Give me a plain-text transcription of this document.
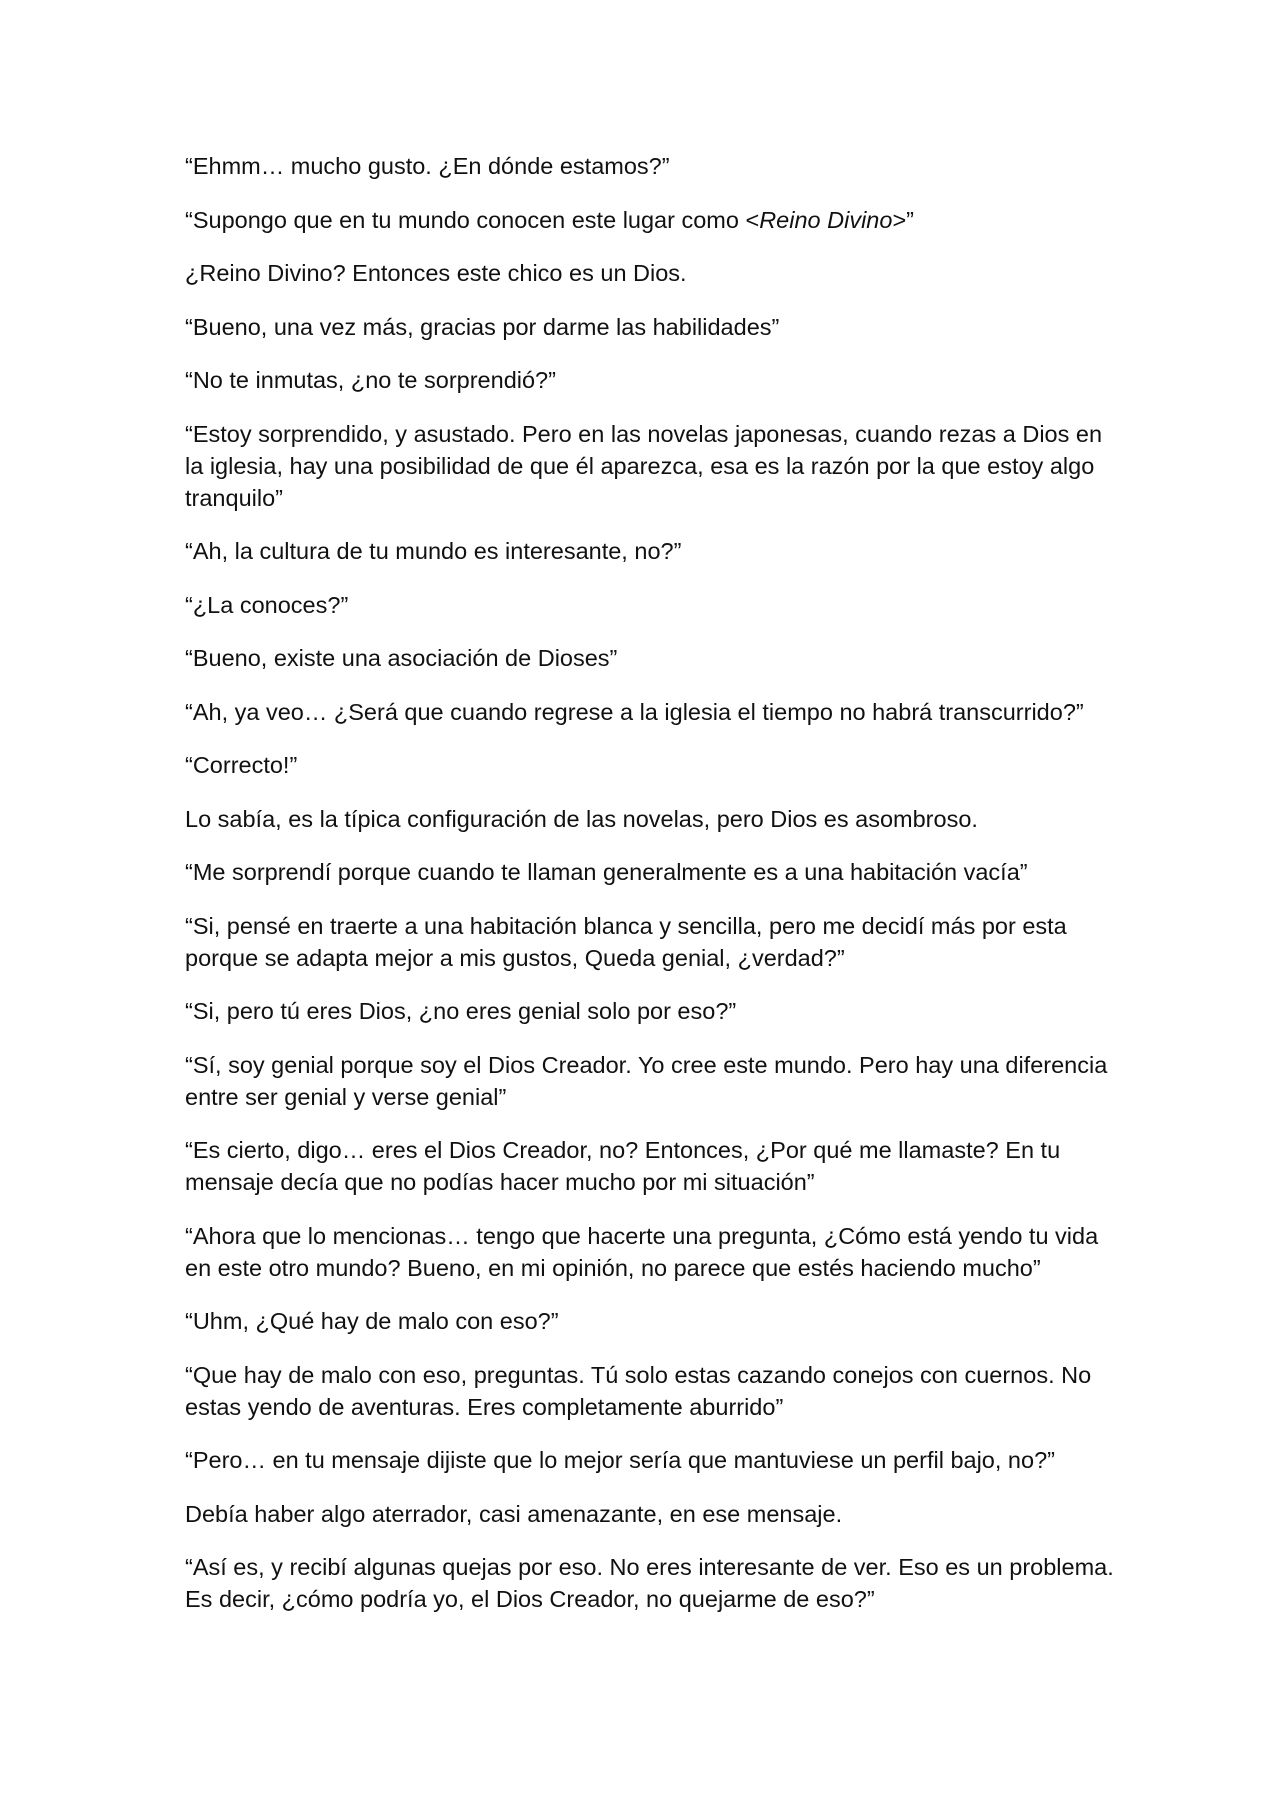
“Ehmm… mucho gusto. ¿En dónde estamos?”

“Supongo que en tu mundo conocen este lugar como <Reino Divino>”

¿Reino Divino? Entonces este chico es un Dios.

“Bueno, una vez más, gracias por darme las habilidades”

“No te inmutas, ¿no te sorprendió?”

“Estoy sorprendido, y asustado. Pero en las novelas japonesas, cuando rezas a Dios en la iglesia, hay una posibilidad de que él aparezca, esa es la razón por la que estoy algo tranquilo”

“Ah, la cultura de tu mundo es interesante, no?”

“¿La conoces?”

“Bueno, existe una asociación de Dioses”

“Ah, ya veo… ¿Será que cuando regrese a la iglesia el tiempo no habrá transcurrido?”

“Correcto!”

Lo sabía, es la típica configuración de las novelas, pero Dios es asombroso.

“Me sorprendí porque cuando te llaman generalmente es a una habitación vacía”

“Si, pensé en traerte a una habitación blanca y sencilla, pero me decidí más por esta porque se adapta mejor a mis gustos, Queda genial, ¿verdad?”

“Si, pero tú eres Dios, ¿no eres genial solo por eso?”

“Sí, soy genial porque soy el Dios Creador. Yo cree este mundo. Pero hay una diferencia entre ser genial y verse genial”

“Es cierto, digo… eres el Dios Creador, no? Entonces, ¿Por qué me llamaste? En tu mensaje decía que no podías hacer mucho por mi situación”

“Ahora que lo mencionas… tengo que hacerte una pregunta, ¿Cómo está yendo tu vida en este otro mundo? Bueno, en mi opinión, no parece que estés haciendo mucho”

“Uhm, ¿Qué hay de malo con eso?”

“Que hay de malo con eso, preguntas. Tú solo estas cazando conejos con cuernos. No estas yendo de aventuras. Eres completamente aburrido”

“Pero… en tu mensaje dijiste que lo mejor sería que mantuviese un perfil bajo, no?”

Debía haber algo aterrador, casi amenazante, en ese mensaje.

“Así es, y recibí algunas quejas por eso. No eres interesante de ver. Eso es un problema. Es decir, ¿cómo podría yo, el Dios Creador, no quejarme de eso?”
